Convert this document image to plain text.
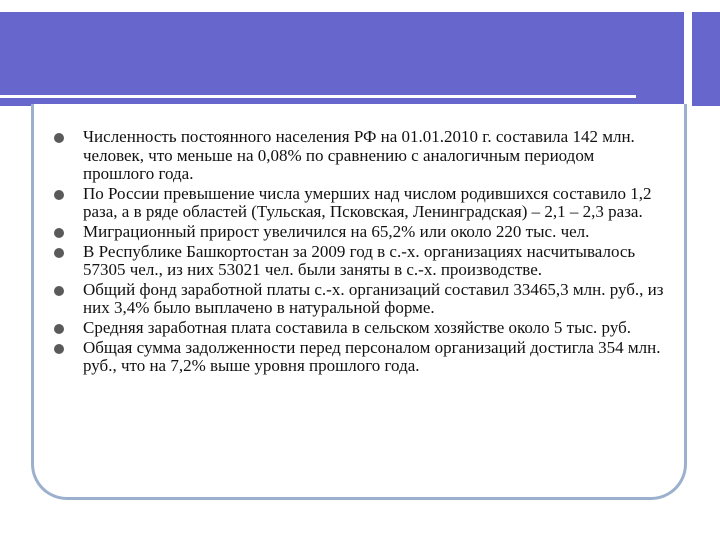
Численность постоянного населения РФ на 01.01.2010 г. составила 142 млн. человек, что меньше на 0,08% по сравнению с аналогичным периодом прошлого года.
По России превышение числа умерших над числом родившихся составило 1,2 раза, а в ряде областей (Тульская, Псковская, Ленинградская) – 2,1 – 2,3 раза.
Миграционный прирост увеличился на 65,2% или около 220 тыс. чел.
В Республике Башкортостан за 2009 год в с.-х. организациях насчитывалось 57305 чел., из них 53021 чел. были заняты в с.-х. производстве.
Общий фонд заработной платы с.-х. организаций составил 33465,3 млн. руб., из них 3,4% было выплачено в натуральной форме.
Средняя заработная плата составила в сельском хозяйстве около 5 тыс. руб.
Общая сумма задолженности перед персоналом организаций достигла 354 млн. руб., что на 7,2% выше уровня прошлого года.
